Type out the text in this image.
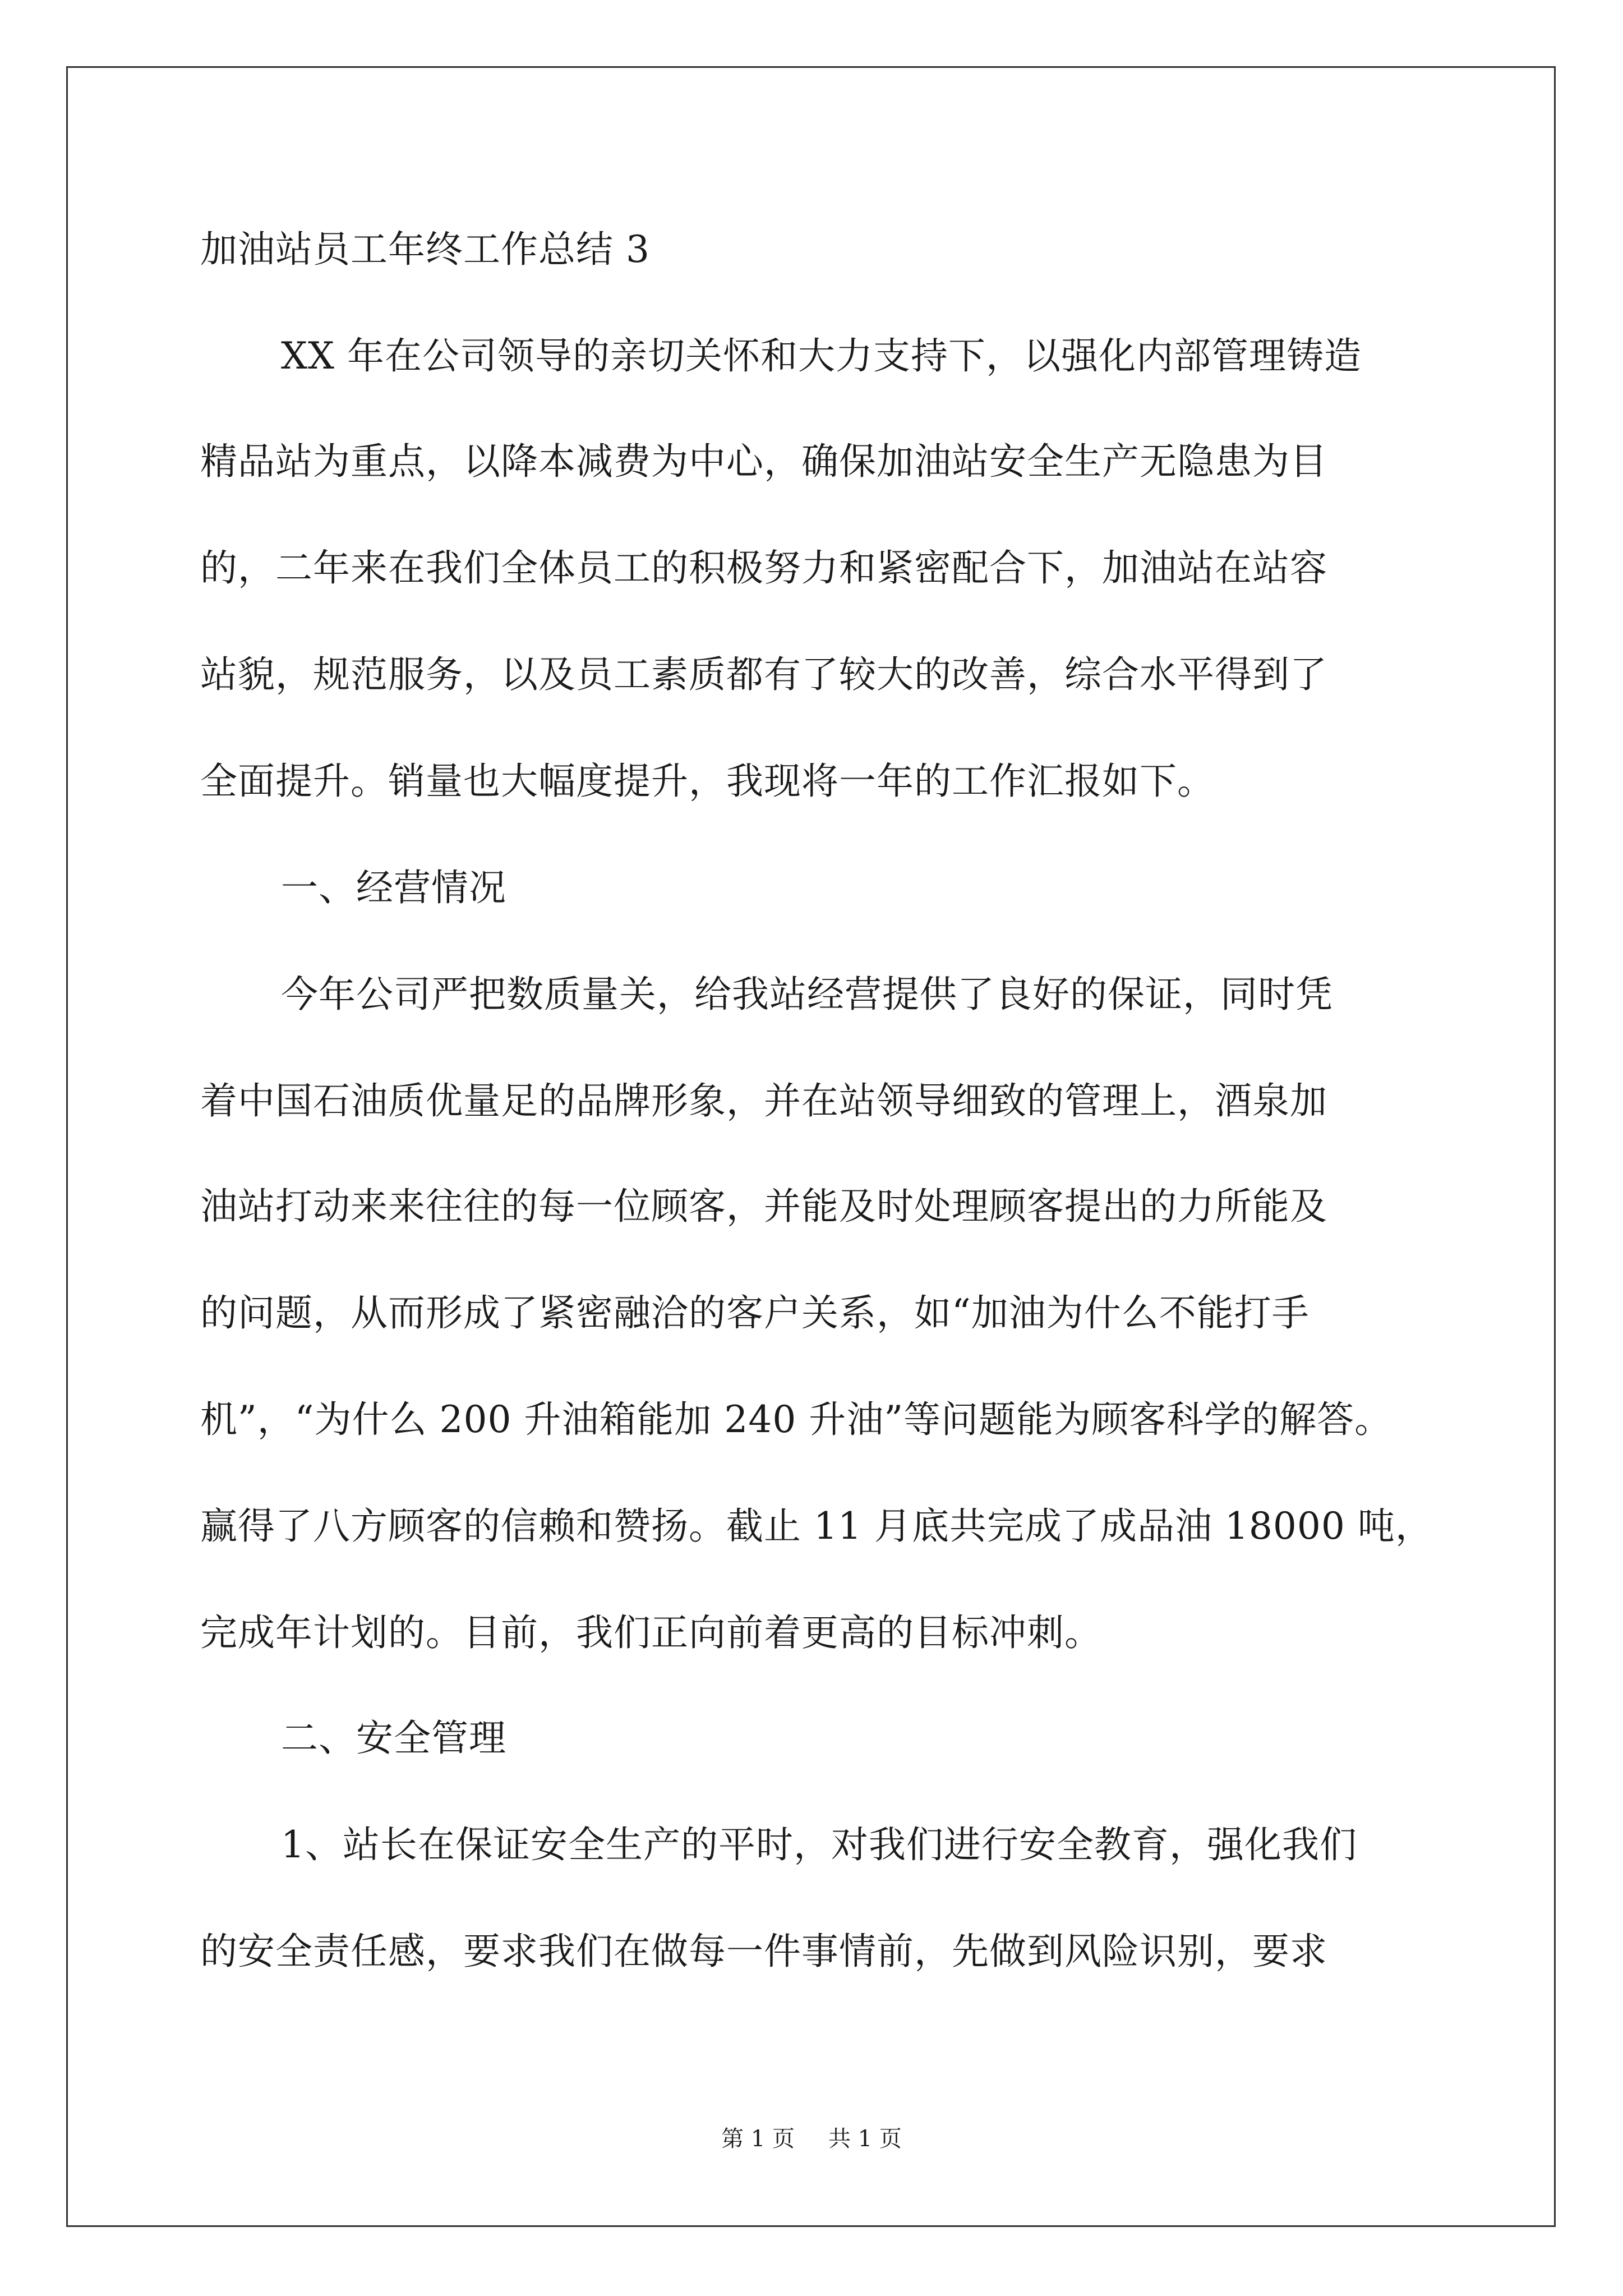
加油站员工年终工作总结 3

XX 年在公司领导的亲切关怀和大力支持下，以强化内部管理铸造

精品站为重点，以降本减费为中心，确保加油站安全生产无隐患为目

的，二年来在我们全体员工的积极努力和紧密配合下，加油站在站容

站貌，规范服务，以及员工素质都有了较大的改善，综合水平得到了

全面提升。销量也大幅度提升，我现将一年的工作汇报如下。

一、经营情况

今年公司严把数质量关，给我站经营提供了良好的保证，同时凭

着中国石油质优量足的品牌形象，并在站领导细致的管理上，酒泉加

油站打动来来往往的每一位顾客，并能及时处理顾客提出的力所能及

的问题，从而形成了紧密融洽的客户关系，如“加油为什么不能打手

机”，“为什么 200 升油箱能加 240 升油”等问题能为顾客科学的解答。

赢得了八方顾客的信赖和赞扬。截止 11 月底共完成了成品油 18000 吨，

完成年计划的。目前，我们正向前着更高的目标冲刺。

二、安全管理

1、站长在保证安全生产的平时，对我们进行安全教育，强化我们

的安全责任感，要求我们在做每一件事情前，先做到风险识别，要求

第 1 页 共 1 页
